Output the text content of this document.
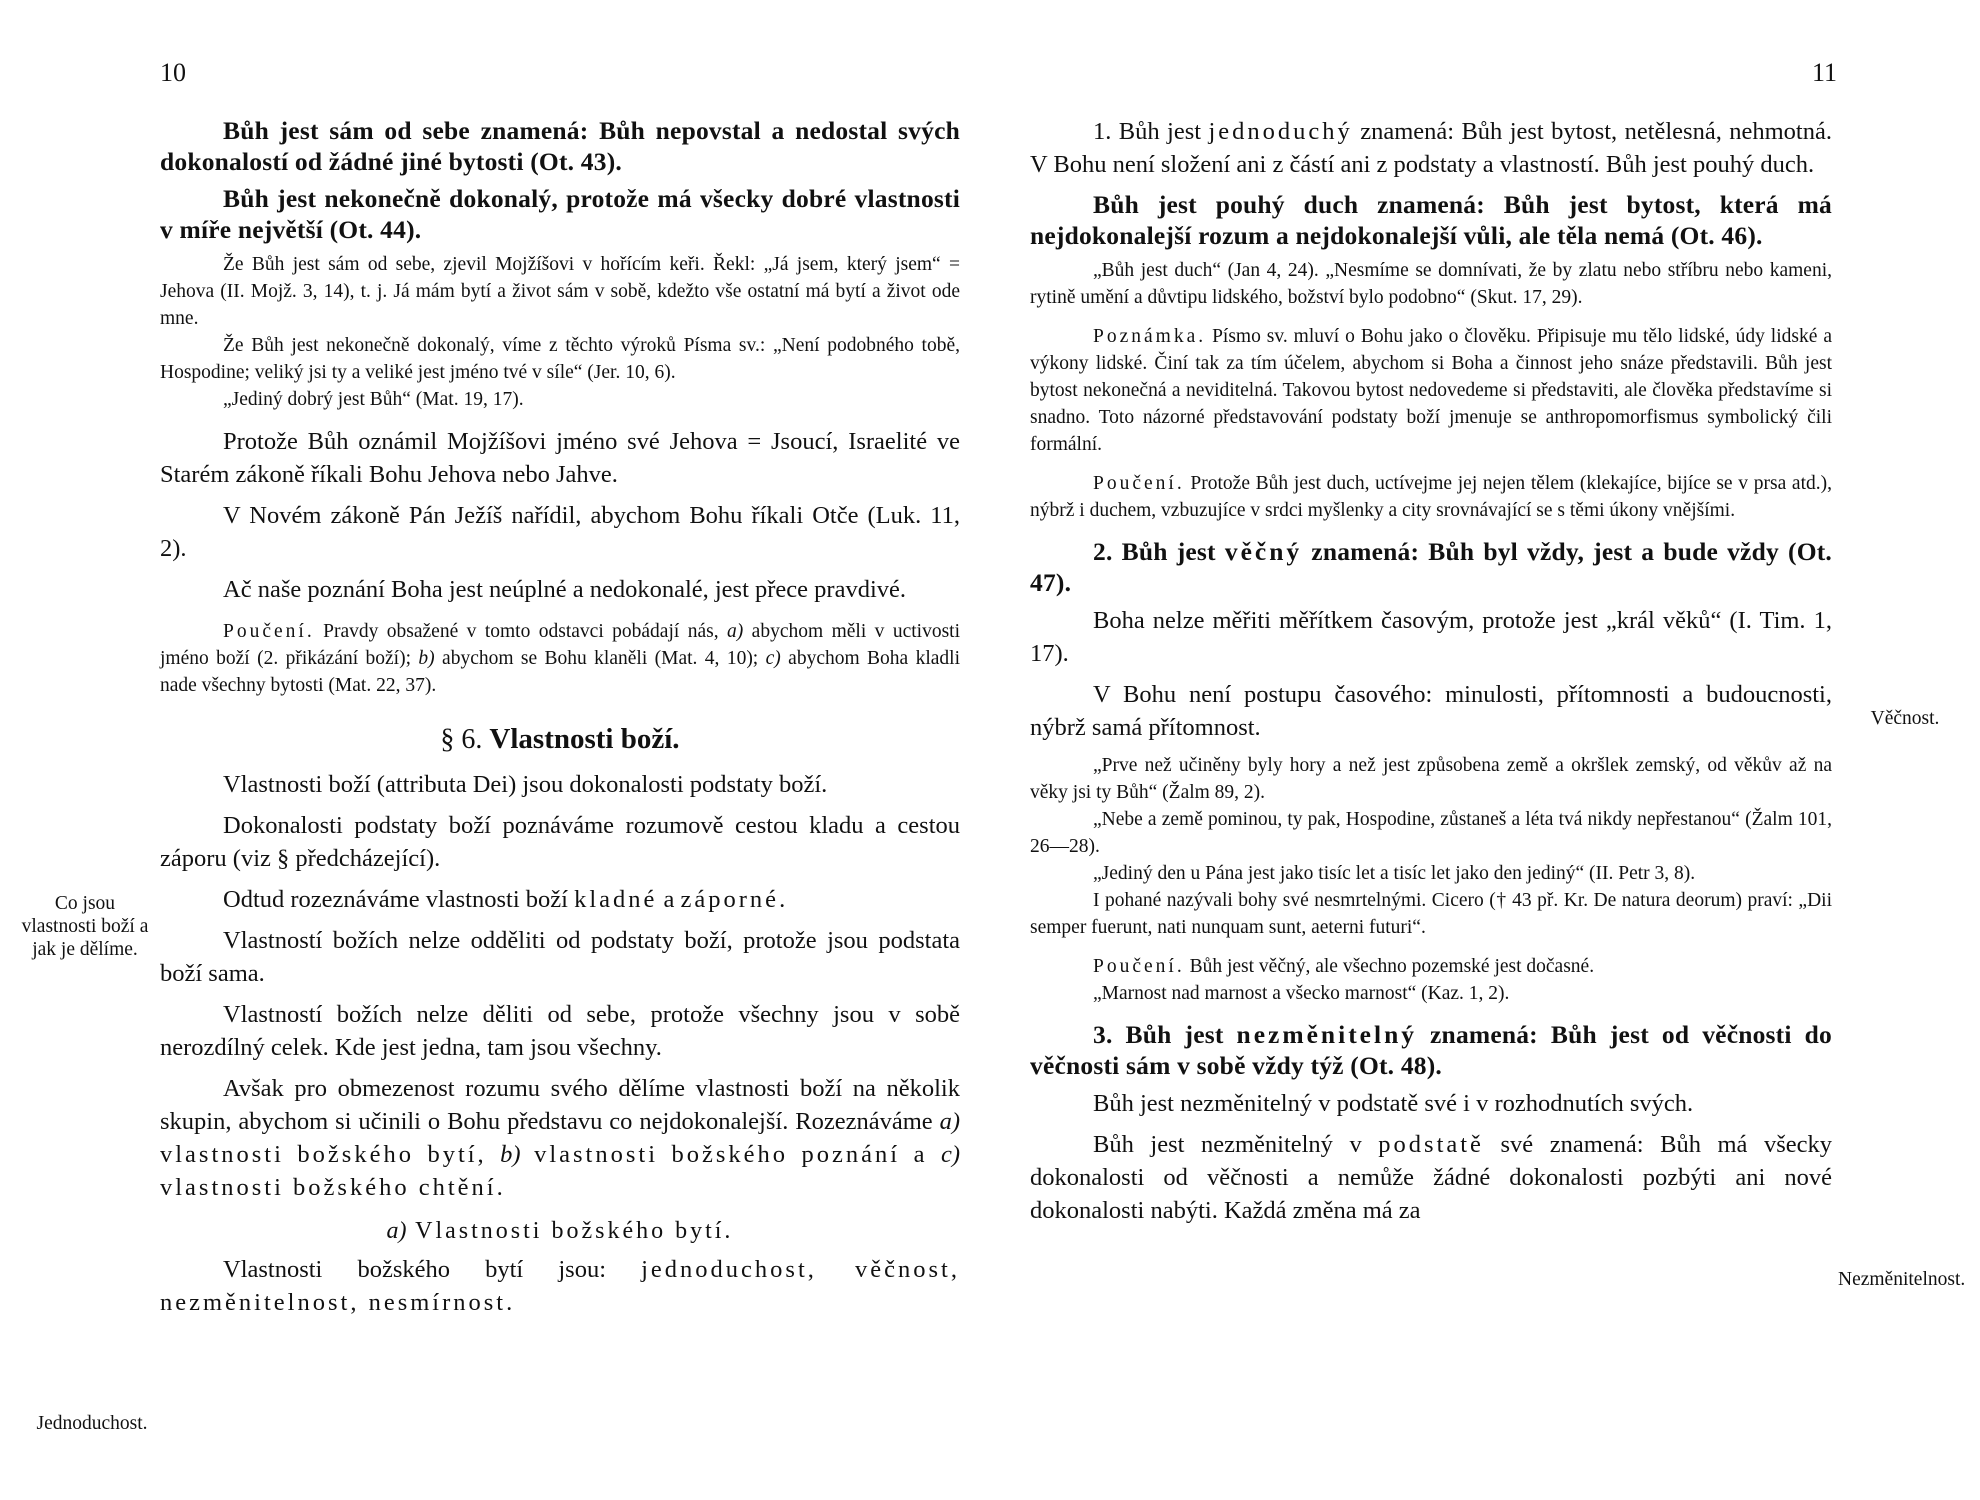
10

Bůh jest sám od sebe znamená: Bůh nepovstal a nedostal svých dokonalostí od žádné jiné bytosti (Ot. 43).

Bůh jest nekonečně dokonalý, protože má všecky dobré vlastnosti v míře největší (Ot. 44).

Že Bůh jest sám od sebe, zjevil Mojžíšovi v hořícím keři. Řekl: „Já jsem, který jsem“ = Jehova (II. Mojž. 3, 14), t. j. Já mám bytí a život sám v sobě, kdežto vše ostatní má bytí a život ode mne.

Že Bůh jest nekonečně dokonalý, víme z těchto výroků Písma sv.: „Není podobného tobě, Hospodine; veliký jsi ty a veliké jest jméno tvé v síle“ (Jer. 10, 6).

„Jediný dobrý jest Bůh“ (Mat. 19, 17).

Protože Bůh oznámil Mojžíšovi jméno své Jehova = Jsoucí, Israelité ve Starém zákoně říkali Bohu Jehova nebo Jahve.

V Novém zákoně Pán Ježíš nařídil, abychom Bohu říkali Otče (Luk. 11, 2).

Ač naše poznání Boha jest neúplné a nedokonalé, jest přece pravdivé.

Poučení. Pravdy obsažené v tomto odstavci pobádají nás, a) abychom měli v uctivosti jméno boží (2. přikázání boží); b) abychom se Bohu klaněli (Mat. 4, 10); c) abychom Boha kladli nade všechny bytosti (Mat. 22, 37).

§ 6. Vlastnosti boží.

Vlastnosti boží (attributa Dei) jsou dokonalosti podstaty boží.

Dokonalosti podstaty boží poznáváme rozumově cestou kladu a cestou záporu (viz § předcházející).

Odtud rozeznáváme vlastnosti boží kladné a záporné.

Vlastností božích nelze odděliti od podstaty boží, protože jsou podstata boží sama.

Vlastností božích nelze děliti od sebe, protože všechny jsou v sobě nerozdílný celek. Kde jest jedna, tam jsou všechny.

Avšak pro obmezenost rozumu svého dělíme vlastnosti boží na několik skupin, abychom si učinili o Bohu představu co nejdokonalejší. Rozeznáváme a) vlastnosti božského bytí, b) vlastnosti božského poznání a c) vlastnosti božského chtění.

a) Vlastnosti božského bytí.

Vlastnosti božského bytí jsou: jednoduchost, věčnost, nezměnitelnost, nesmírnost.

Co jsou vlastnosti boží a jak je dělíme.
Jednoduchost.
11

1. Bůh jest jednoduchý znamená: Bůh jest bytost, netělesná, nehmotná. V Bohu není složení ani z částí ani z podstaty a vlastností. Bůh jest pouhý duch.

Bůh jest pouhý duch znamená: Bůh jest bytost, která má nejdokonalejší rozum a nejdokonalejší vůli, ale těla nemá (Ot. 46).

„Bůh jest duch“ (Jan 4, 24). „Nesmíme se domnívati, že by zlatu nebo stříbru nebo kameni, rytině umění a důvtipu lidského, božství bylo podobno“ (Skut. 17, 29).

Poznámka. Písmo sv. mluví o Bohu jako o člověku. Připisuje mu tělo lidské, údy lidské a výkony lidské. Činí tak za tím účelem, abychom si Boha a činnost jeho snáze představili. Bůh jest bytost nekonečná a neviditelná. Takovou bytost nedovedeme si představiti, ale člověka představíme si snadno. Toto názorné představování podstaty boží jmenuje se anthropomorfismus symbolický čili formální.

Poučení. Protože Bůh jest duch, uctívejme jej nejen tělem (klekajíce, bijíce se v prsa atd.), nýbrž i duchem, vzbuzujíce v srdci myšlenky a city srovnávající se s těmi úkony vnějšími.

2. Bůh jest věčný znamená: Bůh byl vždy, jest a bude vždy (Ot. 47).

Boha nelze měřiti měřítkem časovým, protože jest „král věků“ (I. Tim. 1, 17).

V Bohu není postupu časového: minulosti, přítomnosti a budoucnosti, nýbrž samá přítomnost.

„Prve než učiněny byly hory a než jest způsobena země a okršlek zemský, od věkův až na věky jsi ty Bůh“ (Žalm 89, 2).

„Nebe a země pominou, ty pak, Hospodine, zůstaneš a léta tvá nikdy nepřestanou“ (Žalm 101, 26—28).

„Jediný den u Pána jest jako tisíc let a tisíc let jako den jediný“ (II. Petr 3, 8).

I pohané nazývali bohy své nesmrtelnými. Cicero († 43 př. Kr. De natura deorum) praví: „Dii semper fuerunt, nati nunquam sunt, aeterni futuri“.

Poučení. Bůh jest věčný, ale všechno pozemské jest dočasné.

„Marnost nad marnost a všecko marnost“ (Kaz. 1, 2).

3. Bůh jest nezměnitelný znamená: Bůh jest od věčnosti do věčnosti sám v sobě vždy týž (Ot. 48).

Bůh jest nezměnitelný v podstatě své i v rozhodnutích svých.

Bůh jest nezměnitelný v podstatě své znamená: Bůh má všecky dokonalosti od věčnosti a nemůže žádné dokonalosti pozbýti ani nové dokonalosti nabýti. Každá změna má za

Věčnost.
Nezměnitelnost.
